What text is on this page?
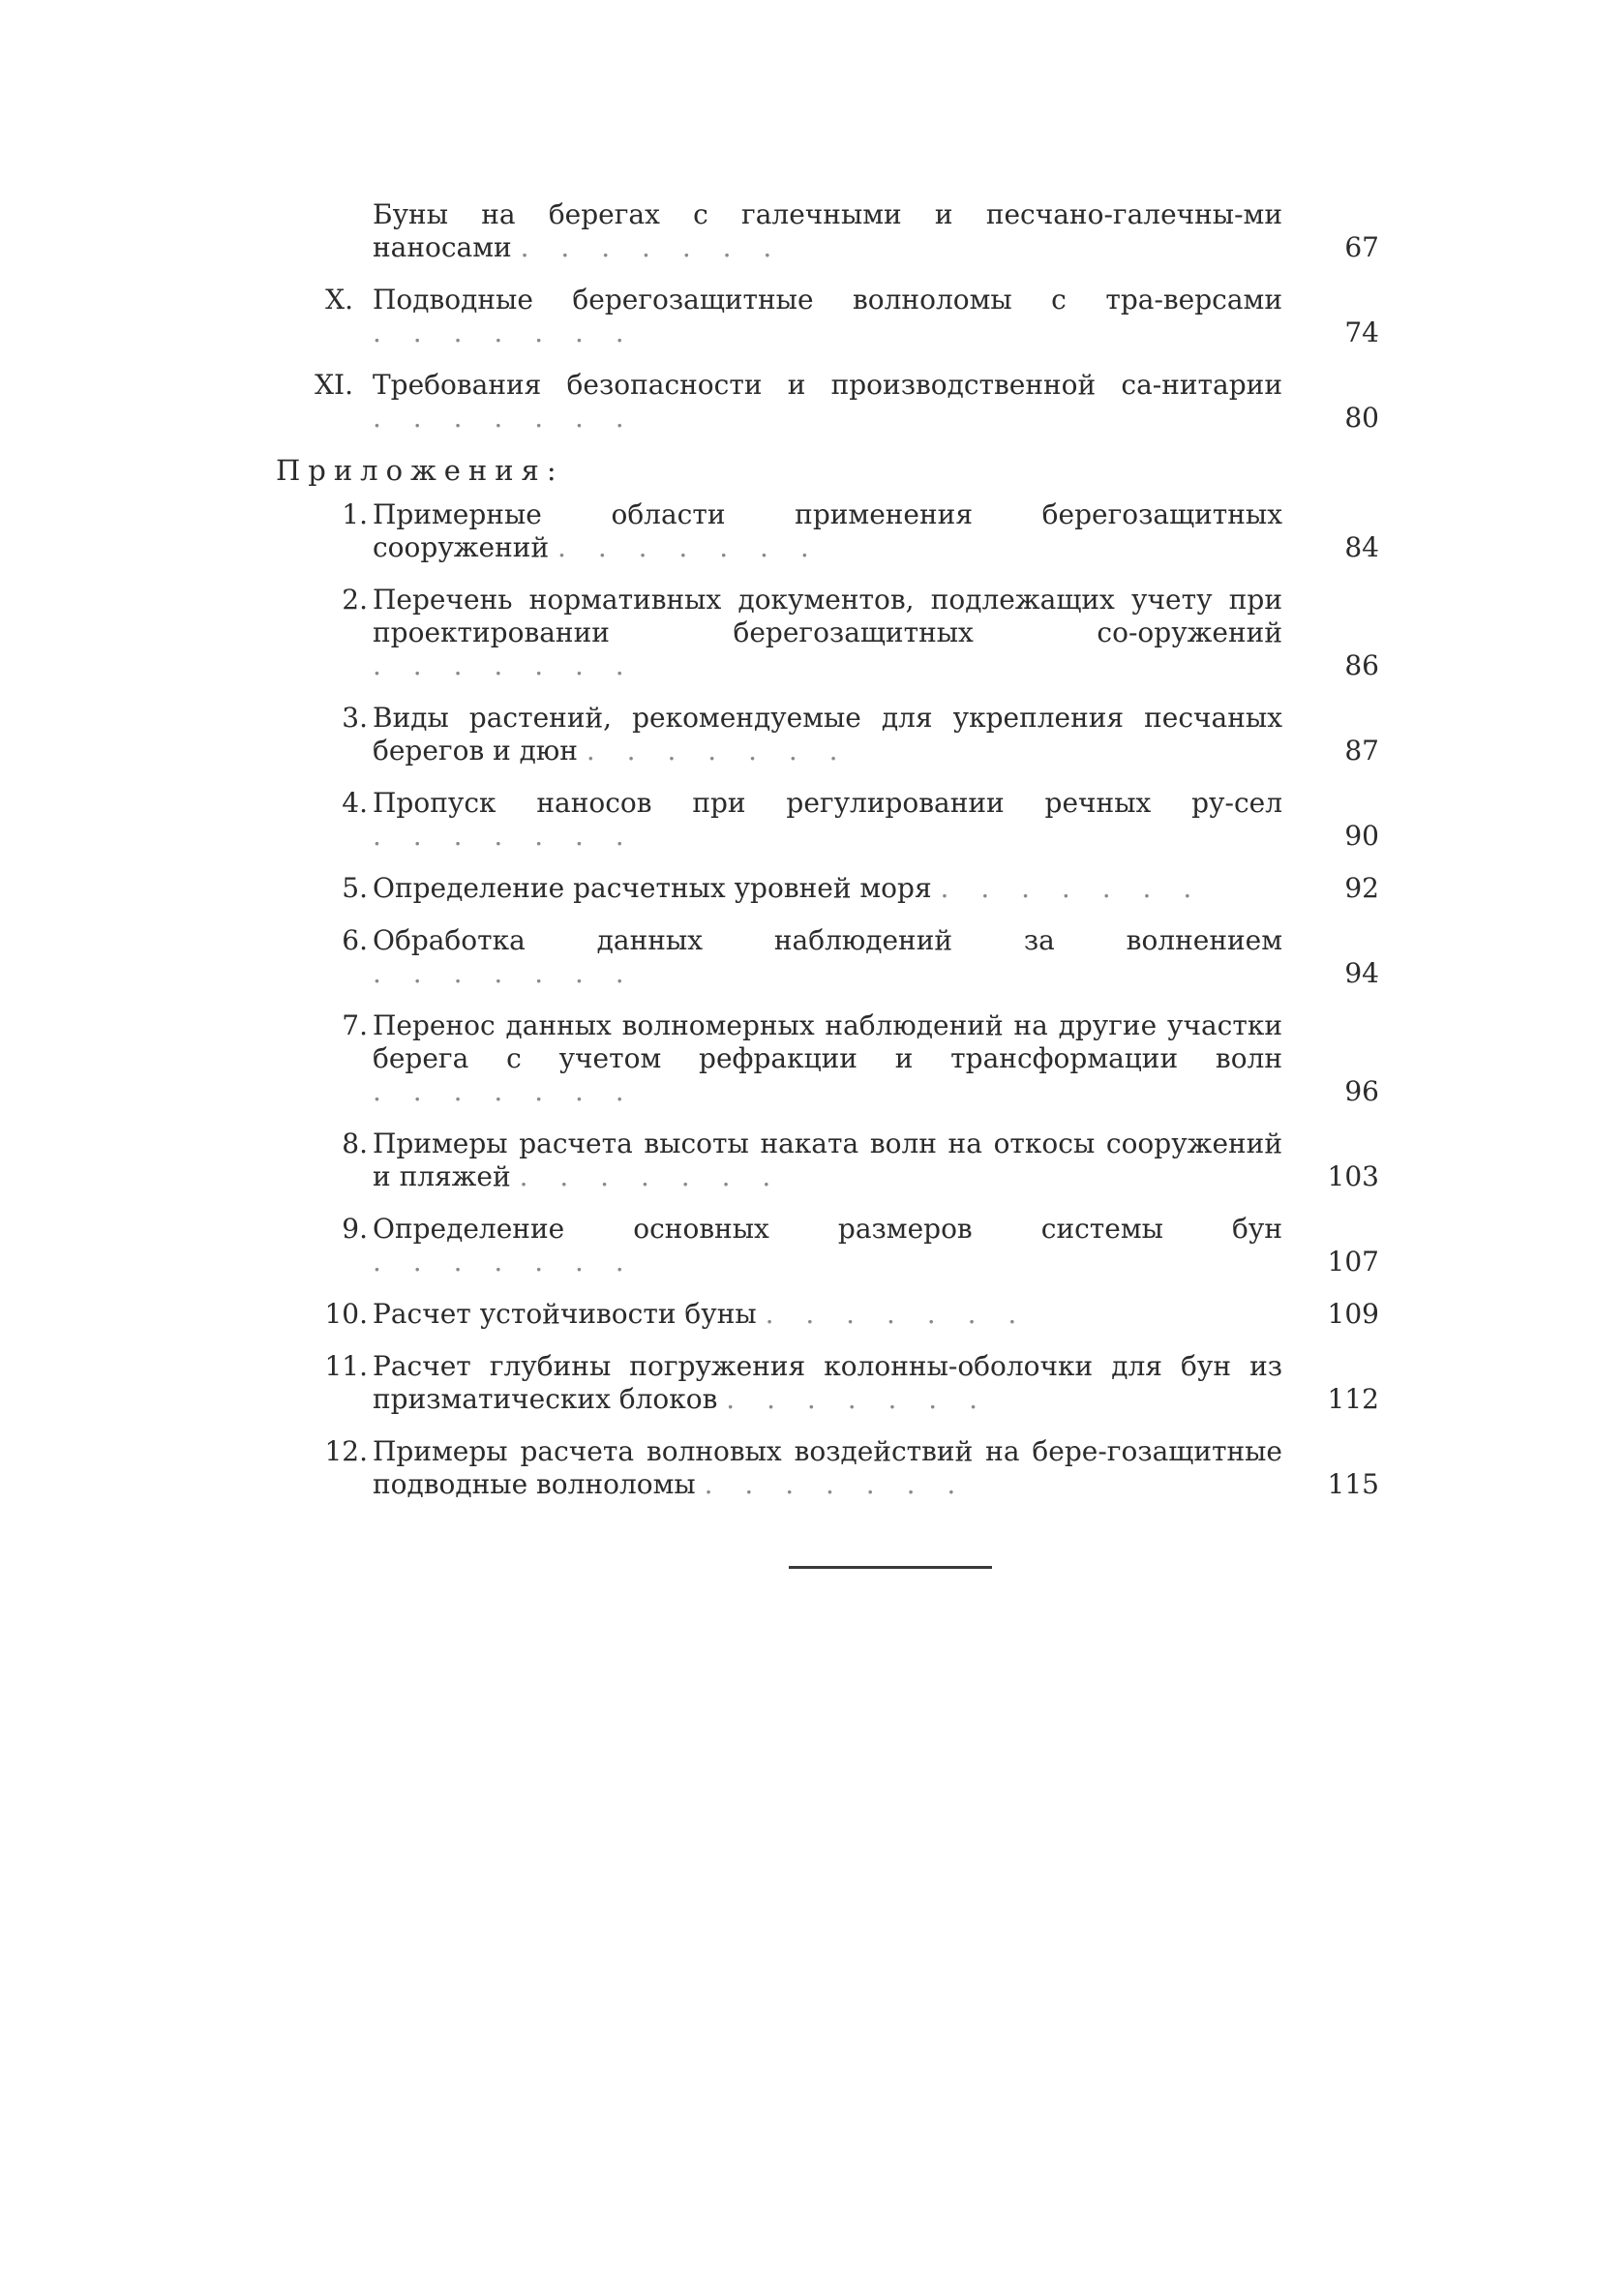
Буны на берегах с галечными и песчано-галечны-ми наносами . . . . . . .	67
X. Подводные берегозащитные волноломы с тра-версами . . . . . . .	74
XI. Требования безопасности и производственной са-нитарии . . . . . . .	80
Приложения:
1. Примерные области применения берегозащитных сооружений . . . . . . .	84
2. Перечень нормативных документов, подлежащих учету при проектировании берегозащитных со-оружений . . . . . . .	86
3. Виды растений, рекомендуемые для укрепления песчаных берегов и дюн . . . . . . .	87
4. Пропуск наносов при регулировании речных ру-сел . . . . . . .	90
5. Определение расчетных уровней моря . . . . . . .	92
6. Обработка данных наблюдений за волнением . . . . . . .	94
7. Перенос данных волномерных наблюдений на другие участки берега с учетом рефракции и трансформации волн . . . . . . .	96
8. Примеры расчета высоты наката волн на откосы сооружений и пляжей . . . . . . .	103
9. Определение основных размеров системы бун . . . . . . .	107
10. Расчет устойчивости буны . . . . . . .	109
11. Расчет глубины погружения колонны-оболочки для бун из призматических блоков . . . . . . .	112
12. Примеры расчета волновых воздействий на бере-гозащитные подводные волноломы . . . . . . .	115
